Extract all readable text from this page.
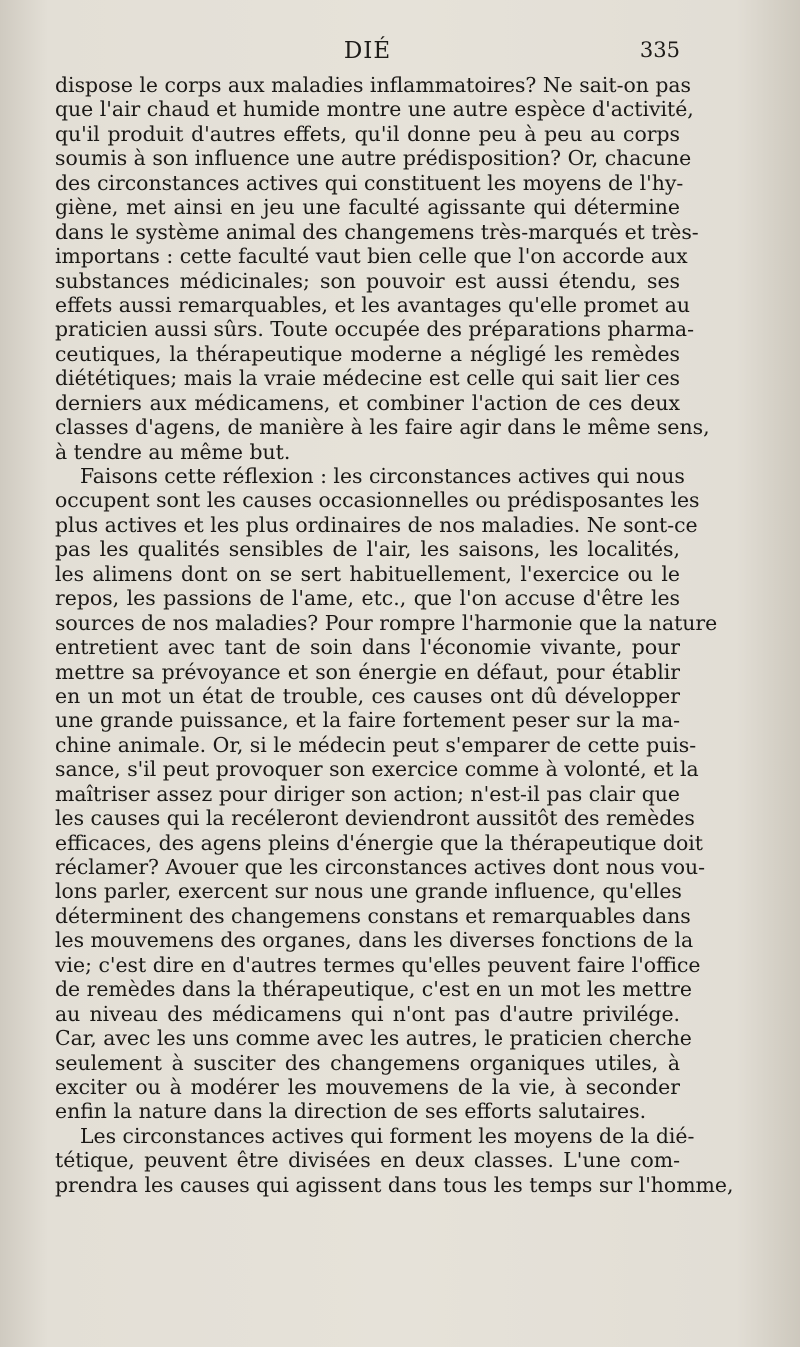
DIÉ	335
dispose le corps aux maladies inflammatoires? Ne sait-on pas
que l'air chaud et humide montre une autre espèce d'activité,
qu'il produit d'autres effets, qu'il donne peu à peu au corps
soumis à son influence une autre prédisposition? Or, chacune
des circonstances actives qui constituent les moyens de l'hy-
giène, met ainsi en jeu une faculté agissante qui détermine
dans le système animal des changemens très-marqués et très-
importans : cette faculté vaut bien celle que l'on accorde aux
substances médicinales; son pouvoir est aussi étendu, ses
effets aussi remarquables, et les avantages qu'elle promet au
praticien aussi sûrs. Toute occupée des préparations pharma-
ceutiques, la thérapeutique moderne a négligé les remèdes
diététiques; mais la vraie médecine est celle qui sait lier ces
derniers aux médicamens, et combiner l'action de ces deux
classes d'agens, de manière à les faire agir dans le même sens,
à tendre au même but.
Faisons cette réflexion : les circonstances actives qui nous
occupent sont les causes occasionnelles ou prédisposantes les
plus actives et les plus ordinaires de nos maladies. Ne sont-ce
pas les qualités sensibles de l'air, les saisons, les localités,
les alimens dont on se sert habituellement, l'exercice ou le
repos, les passions de l'ame, etc., que l'on accuse d'être les
sources de nos maladies? Pour rompre l'harmonie que la nature
entretient avec tant de soin dans l'économie vivante, pour
mettre sa prévoyance et son énergie en défaut, pour établir
en un mot un état de trouble, ces causes ont dû développer
une grande puissance, et la faire fortement peser sur la ma-
chine animale. Or, si le médecin peut s'emparer de cette puis-
sance, s'il peut provoquer son exercice comme à volonté, et la
maîtriser assez pour diriger son action; n'est-il pas clair que
les causes qui la recéleront deviendront aussitôt des remèdes
efficaces, des agens pleins d'énergie que la thérapeutique doit
réclamer? Avouer que les circonstances actives dont nous vou-
lons parler, exercent sur nous une grande influence, qu'elles
déterminent des changemens constans et remarquables dans
les mouvemens des organes, dans les diverses fonctions de la
vie; c'est dire en d'autres termes qu'elles peuvent faire l'office
de remèdes dans la thérapeutique, c'est en un mot les mettre
au niveau des médicamens qui n'ont pas d'autre privilége.
Car, avec les uns comme avec les autres, le praticien cherche
seulement à susciter des changemens organiques utiles, à
exciter ou à modérer les mouvemens de la vie, à seconder
enfin la nature dans la direction de ses efforts salutaires.
Les circonstances actives qui forment les moyens de la dié-
tétique, peuvent être divisées en deux classes. L'une com-
prendra les causes qui agissent dans tous les temps sur l'homme,
